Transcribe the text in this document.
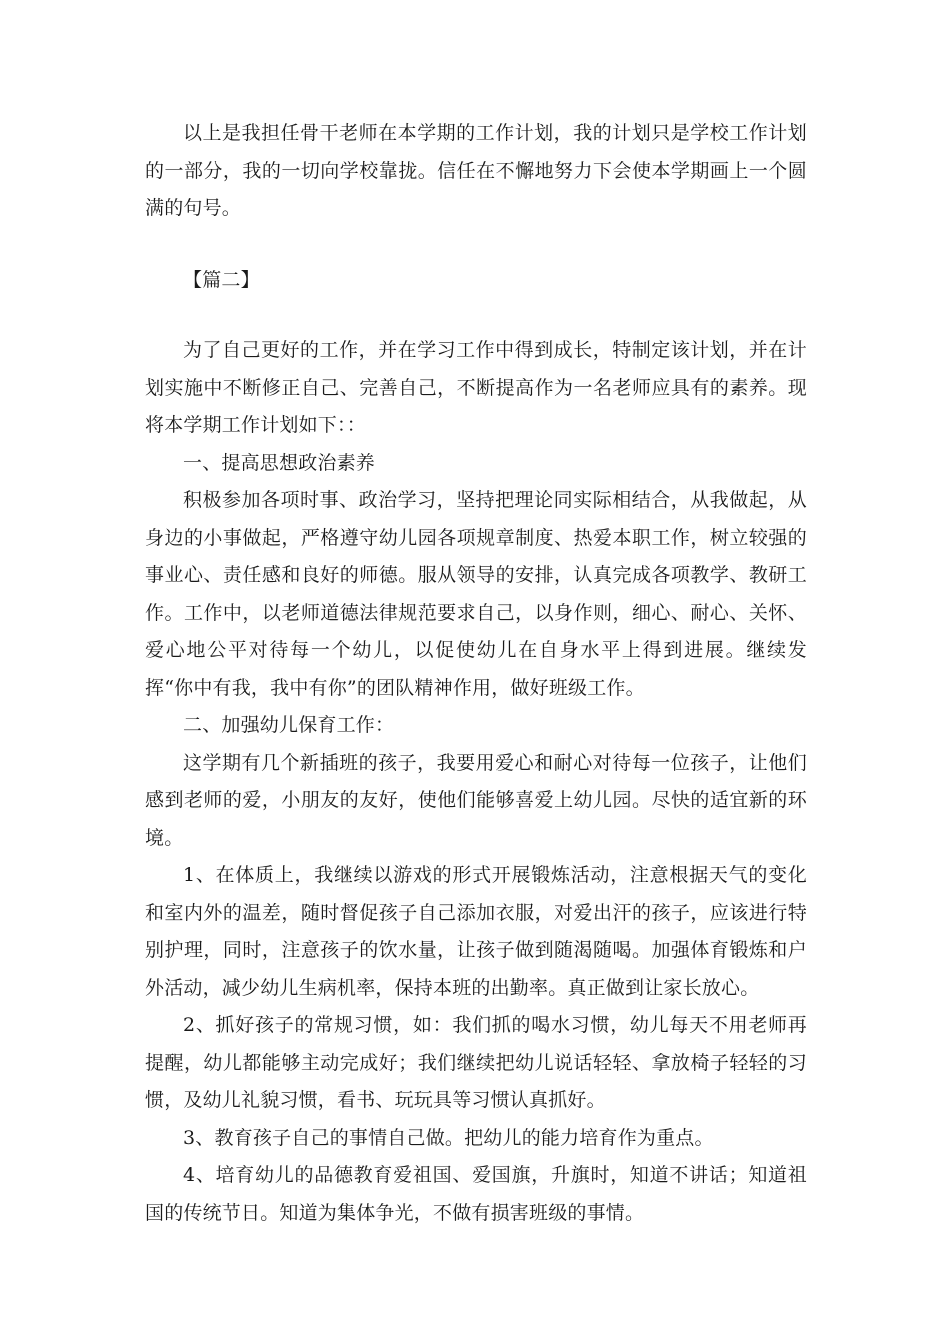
以上是我担任骨干老师在本学期的工作计划，我的计划只是学校工作计划的一部分，我的一切向学校靠拢。信任在不懈地努力下会使本学期画上一个圆满的句号。

【篇二】

为了自己更好的工作，并在学习工作中得到成长，特制定该计划，并在计划实施中不断修正自己、完善自己，不断提高作为一名老师应具有的素养。现将本学期工作计划如下：：

一、提高思想政治素养

积极参加各项时事、政治学习，坚持把理论同实际相结合，从我做起，从身边的小事做起，严格遵守幼儿园各项规章制度、热爱本职工作，树立较强的事业心、责任感和良好的师德。服从领导的安排，认真完成各项教学、教研工作。工作中，以老师道德法律规范要求自己，以身作则，细心、耐心、关怀、爱心地公平对待每一个幼儿，以促使幼儿在自身水平上得到进展。继续发挥“你中有我，我中有你”的团队精神作用，做好班级工作。

二、加强幼儿保育工作：

这学期有几个新插班的孩子，我要用爱心和耐心对待每一位孩子，让他们感到老师的爱，小朋友的友好，使他们能够喜爱上幼儿园。尽快的适宜新的环境。

1、在体质上，我继续以游戏的形式开展锻炼活动，注意根据天气的变化和室内外的温差，随时督促孩子自己添加衣服，对爱出汗的孩子，应该进行特别护理，同时，注意孩子的饮水量，让孩子做到随渴随喝。加强体育锻炼和户外活动，减少幼儿生病机率，保持本班的出勤率。真正做到让家长放心。

2、抓好孩子的常规习惯，如：我们抓的喝水习惯，幼儿每天不用老师再提醒，幼儿都能够主动完成好；我们继续把幼儿说话轻轻、拿放椅子轻轻的习惯，及幼儿礼貌习惯，看书、玩玩具等习惯认真抓好。

3、教育孩子自己的事情自己做。把幼儿的能力培育作为重点。

4、培育幼儿的品德教育爱祖国、爱国旗，升旗时，知道不讲话；知道祖国的传统节日。知道为集体争光，不做有损害班级的事情。
